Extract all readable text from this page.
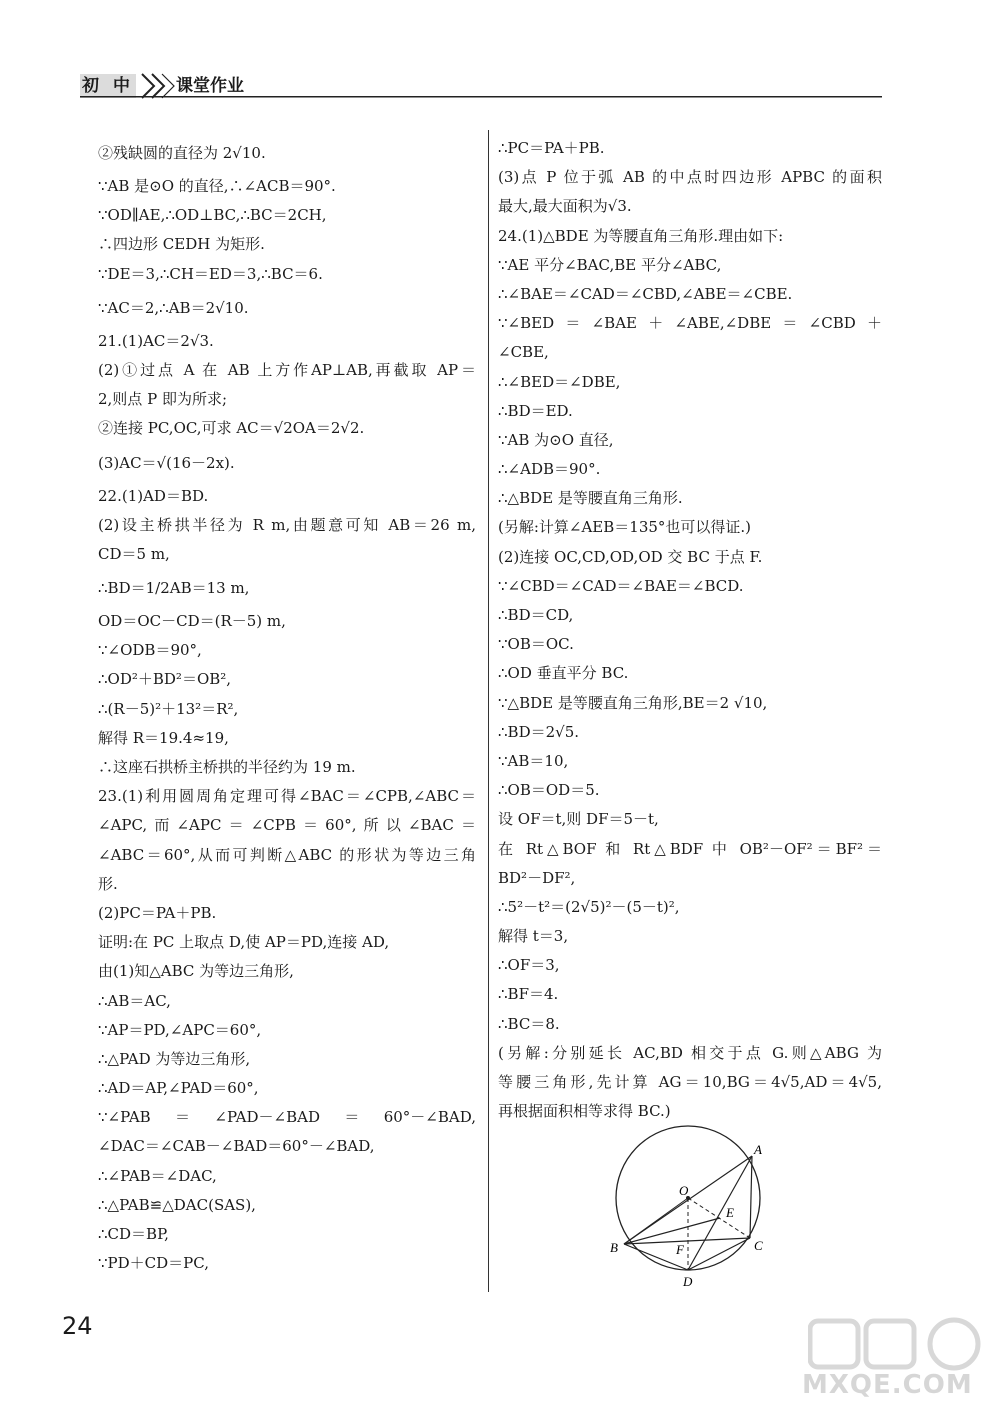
初 中 课堂作业
②残缺圆的直径为 2√10.
∵AB 是⊙O 的直径,∴∠ACB＝90°.
∵OD∥AE,∴OD⊥BC,∴BC＝2CH,
∴四边形 CEDH 为矩形.
∵DE＝3,∴CH＝ED＝3,∴BC＝6.
∵AC＝2,∴AB＝2√10.
21.(1)AC＝2√3.
(2)①过点 A 在 AB 上方作AP⊥AB,再截取 AP＝
2,则点 P 即为所求;
②连接 PC,OC,可求 AC＝√2OA＝2√2.
(3)AC＝√(16－2x).
22.(1)AD＝BD.
(2)设主桥拱半径为 R m,由题意可知 AB＝26 m,
CD＝5 m,
∴BD＝1/2AB＝13 m,
OD＝OC－CD＝(R－5) m,
∵∠ODB＝90°,
∴OD²＋BD²＝OB²,
∴(R－5)²＋13²＝R²,
解得 R＝19.4≈19,
∴这座石拱桥主桥拱的半径约为 19 m.
23.(1)利用圆周角定理可得∠BAC＝∠CPB,∠ABC＝
∠APC,而∠APC＝∠CPB＝60°,所以∠BAC＝
∠ABC＝60°,从而可判断△ABC 的形状为等边三角
形.
(2)PC＝PA＋PB.
证明:在 PC 上取点 D,使 AP＝PD,连接 AD,
由(1)知△ABC 为等边三角形,
∴AB＝AC,
∵AP＝PD,∠APC＝60°,
∴△PAD 为等边三角形,
∴AD＝AP,∠PAD＝60°,
∵∠PAB＝∠PAD－∠BAD＝60°－∠BAD,
∠DAC＝∠CAB－∠BAD＝60°－∠BAD,
∴∠PAB＝∠DAC,
∴△PAB≌△DAC(SAS),
∴CD＝BP,
∵PD＋CD＝PC,
∴PC＝PA＋PB.
(3)点 P 位于弧 AB 的中点时四边形 APBC 的面积
最大,最大面积为√3.
24.(1)△BDE 为等腰直角三角形.理由如下:
∵AE 平分∠BAC,BE 平分∠ABC,
∴∠BAE＝∠CAD＝∠CBD,∠ABE＝∠CBE.
∵∠BED＝∠BAE＋∠ABE,∠DBE＝∠CBD＋
∠CBE,
∴∠BED＝∠DBE,
∴BD＝ED.
∵AB 为⊙O 直径,
∴∠ADB＝90°.
∴△BDE 是等腰直角三角形.
(另解:计算∠AEB＝135°也可以得证.)
(2)连接 OC,CD,OD,OD 交 BC 于点 F.
∵∠CBD＝∠CAD＝∠BAE＝∠BCD.
∴BD＝CD,
∵OB＝OC.
∴OD 垂直平分 BC.
∵△BDE 是等腰直角三角形,BE＝2 √10,
∴BD＝2√5.
∵AB＝10,
∴OB＝OD＝5.
设 OF＝t,则 DF＝5－t,
在 Rt△BOF 和 Rt△BDF 中 OB²－OF²＝BF²＝
BD²－DF²,
∴5²－t²＝(2√5)²－(5－t)²,
解得 t＝3,
∴OF＝3,
∴BF＝4.
∴BC＝8.
(另解:分别延长 AC,BD 相交于点 G.则△ABG 为
等腰三角形,先计算 AG＝10,BG＝4√5,AD＝4√5,
再根据面积相等求得 BC.)
A
O
E
B	F	C
D
24
MXQE.COM
